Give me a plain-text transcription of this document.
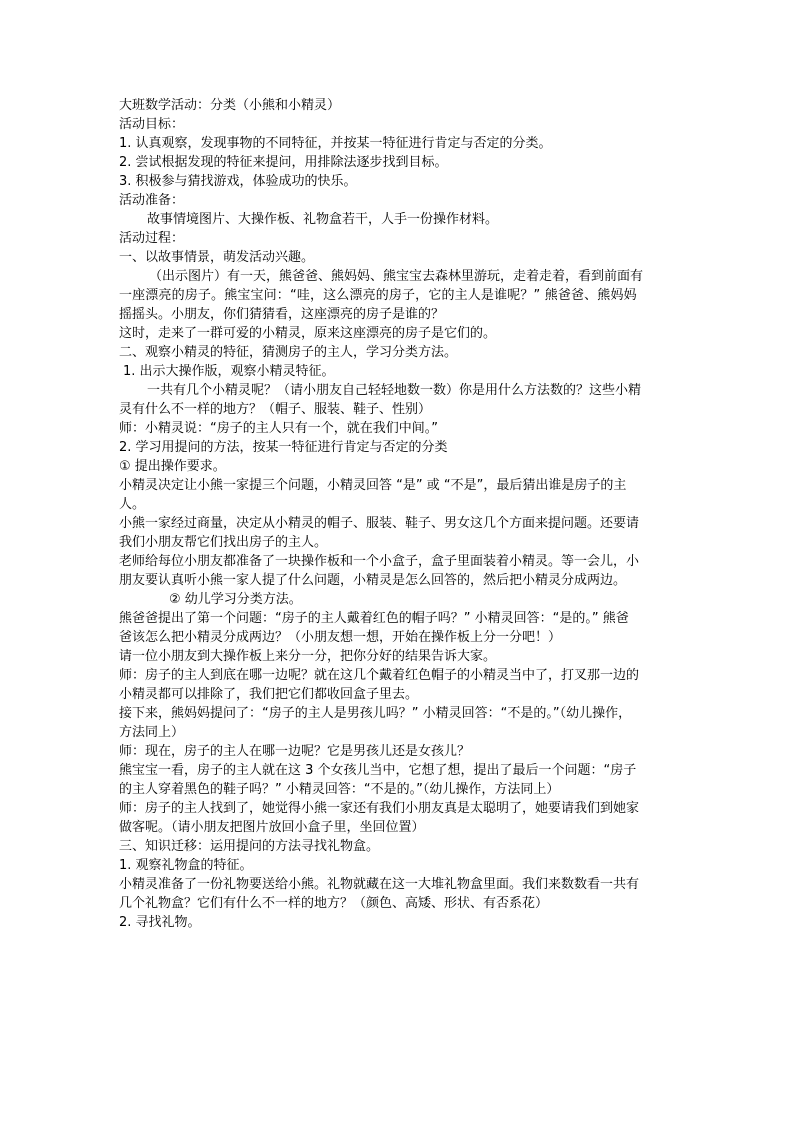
大班数学活动：分类（小熊和小精灵）
活动目标：
1. 认真观察，发现事物的不同特征，并按某一特征进行肯定与否定的分类。
2. 尝试根据发现的特征来提问，用排除法逐步找到目标。
3. 积极参与猜找游戏，体验成功的快乐。
活动准备：
故事情境图片、大操作板、礼物盒若干，人手一份操作材料。
活动过程：
一、以故事情景，萌发活动兴趣。
（出示图片）有一天，熊爸爸、熊妈妈、熊宝宝去森林里游玩，走着走着，看到前面有
一座漂亮的房子。熊宝宝问：“哇，这么漂亮的房子，它的主人是谁呢？” 熊爸爸、熊妈妈
摇摇头。小朋友，你们猜猜看，这座漂亮的房子是谁的？
这时，走来了一群可爱的小精灵，原来这座漂亮的房子是它们的。
二、观察小精灵的特征，猜测房子的主人，学习分类方法。
1. 出示大操作版，观察小精灵特征。
一共有几个小精灵呢？（请小朋友自己轻轻地数一数）你是用什么方法数的？这些小精
灵有什么不一样的地方？（帽子、服装、鞋子、性别）
师：小精灵说：“房子的主人只有一个，就在我们中间。”
2. 学习用提问的方法，按某一特征进行肯定与否定的分类
① 提出操作要求。
小精灵决定让小熊一家提三个问题，小精灵回答 “是” 或 “不是”，最后猜出谁是房子的主
人。
小熊一家经过商量，决定从小精灵的帽子、服装、鞋子、男女这几个方面来提问题。还要请
我们小朋友帮它们找出房子的主人。
老师给每位小朋友都准备了一块操作板和一个小盒子，盒子里面装着小精灵。等一会儿，小
朋友要认真听小熊一家人提了什么问题，小精灵是怎么回答的，然后把小精灵分成两边。
② 幼儿学习分类方法。
熊爸爸提出了第一个问题：“房子的主人戴着红色的帽子吗？” 小精灵回答：“是的。” 熊爸
爸该怎么把小精灵分成两边？（小朋友想一想，开始在操作板上分一分吧！）
请一位小朋友到大操作板上来分一分，把你分好的结果告诉大家。
师：房子的主人到底在哪一边呢？就在这几个戴着红色帽子的小精灵当中了，打叉那一边的
小精灵都可以排除了，我们把它们都收回盒子里去。
接下来，熊妈妈提问了：“房子的主人是男孩儿吗？” 小精灵回答：“不是的。”（幼儿操作，
方法同上）
师：现在，房子的主人在哪一边呢？它是男孩儿还是女孩儿？
熊宝宝一看，房子的主人就在这 3 个女孩儿当中，它想了想，提出了最后一个问题：“房子
的主人穿着黑色的鞋子吗？” 小精灵回答：“不是的。”（幼儿操作，方法同上）
师：房子的主人找到了，她觉得小熊一家还有我们小朋友真是太聪明了，她要请我们到她家
做客呢。（请小朋友把图片放回小盒子里，坐回位置）
三、知识迁移：运用提问的方法寻找礼物盒。
1. 观察礼物盒的特征。
小精灵准备了一份礼物要送给小熊。礼物就藏在这一大堆礼物盒里面。我们来数数看一共有
几个礼物盒？它们有什么不一样的地方？（颜色、高矮、形状、有否系花）
2. 寻找礼物。
